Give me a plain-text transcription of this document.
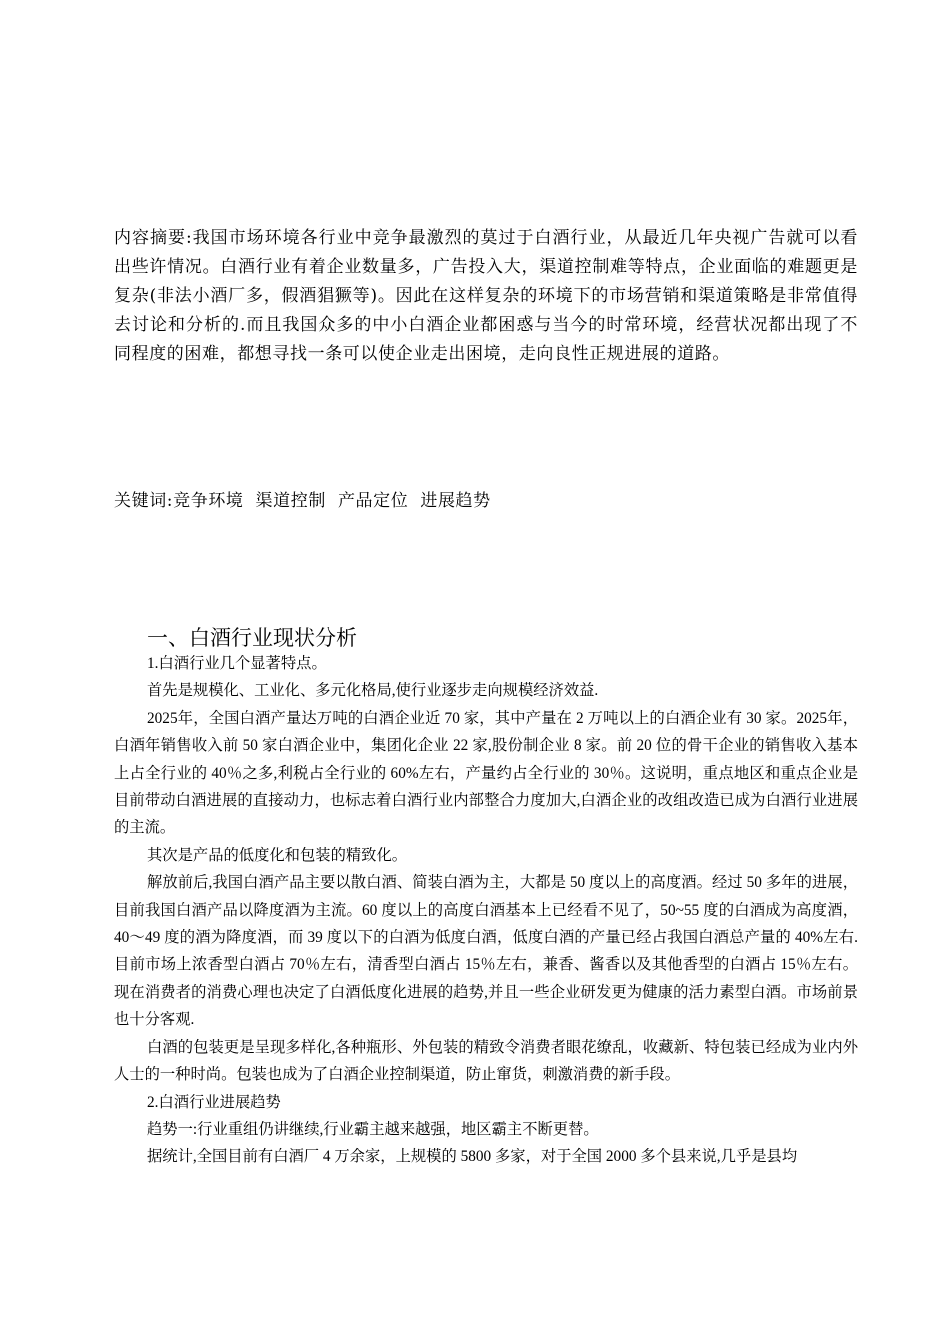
内容摘要:我国市场环境各行业中竞争最激烈的莫过于白酒行业，从最近几年央视广告就可以看出些许情况。白酒行业有着企业数量多，广告投入大，渠道控制难等特点，企业面临的难题更是复杂(非法小酒厂多，假酒猖獗等)。因此在这样复杂的环境下的市场营销和渠道策略是非常值得去讨论和分析的.而且我国众多的中小白酒企业都困惑与当今的时常环境，经营状况都出现了不同程度的困难，都想寻找一条可以使企业走出困境，走向良性正规进展的道路。

关键词:竞争环境  渠道控制  产品定位  进展趋势

一、白酒行业现状分析

1.白酒行业几个显著特点。

首先是规模化、工业化、多元化格局,使行业逐步走向规模经济效益.

2025年，全国白酒产量达万吨的白酒企业近 70 家，其中产量在 2 万吨以上的白酒企业有 30 家。2025年，白酒年销售收入前 50 家白酒企业中，集团化企业 22 家,股份制企业 8 家。前 20 位的骨干企业的销售收入基本上占全行业的 40％之多,利税占全行业的 60%左右，产量约占全行业的 30％。这说明，重点地区和重点企业是目前带动白酒进展的直接动力，也标志着白酒行业内部整合力度加大,白酒企业的改组改造已成为白酒行业进展的主流。

其次是产品的低度化和包装的精致化。

解放前后,我国白酒产品主要以散白酒、简装白酒为主，大都是 50 度以上的高度酒。经过 50 多年的进展，目前我国白酒产品以降度酒为主流。60 度以上的高度白酒基本上已经看不见了，50~55 度的白酒成为高度酒，40～49 度的酒为降度酒，而 39 度以下的白酒为低度白酒，低度白酒的产量已经占我国白酒总产量的 40%左右.目前市场上浓香型白酒占 70％左右，清香型白酒占 15％左右，兼香、酱香以及其他香型的白酒占 15％左右。现在消费者的消费心理也决定了白酒低度化进展的趋势,并且一些企业研发更为健康的活力素型白酒。市场前景也十分客观.

白酒的包装更是呈现多样化,各种瓶形、外包装的精致令消费者眼花缭乱，收藏新、特包装已经成为业内外人士的一种时尚。包装也成为了白酒企业控制渠道，防止窜货，刺激消费的新手段。

2.白酒行业进展趋势

趋势一:行业重组仍讲继续,行业霸主越来越强，地区霸主不断更替。

据统计,全国目前有白酒厂 4 万余家，上规模的 5800 多家，对于全国 2000 多个县来说,几乎是县均
